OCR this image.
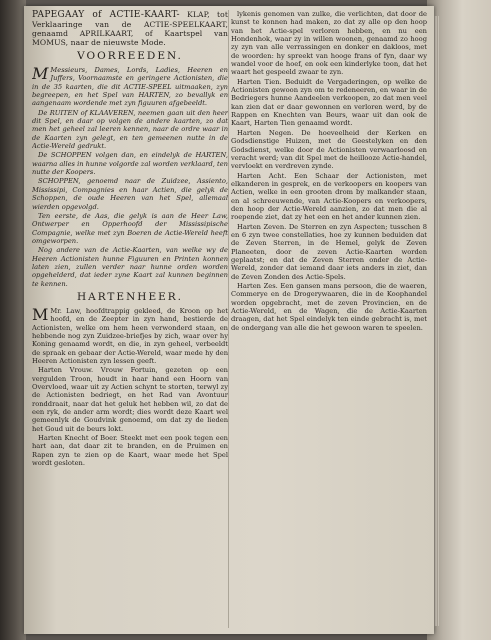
PAPEGAAY of ACTIE-KAART- KLAP, tot Verklaaringe van de ACTIE-SPEELKAART, genaamd APRILKAART, of Kaartspel van MOMUS, naar de nieuwste Mode.
VOORREEDEN.

M Messieurs, Dames, Lords, Ladies, Heeren en Juffers, Voornaamste en geringere Actionisten, die in de 35 kaarten, die dit ACTIE-SPEEL uitmaaken, zyn begreepen, en het Spel van HARTEN, zo bevallyk en aangenaam wordende met zyn figuuren afgebeeldt.

De RUITEN of KLAAVEREN, neemen gaan uit den heer dit Spel, en daar op volgen de andere kaarten, zo dat men het geheel zal leeren kennen, naar de ordre waar in de Kaarten zyn gelegt, en ten gemeenen nutte in de Actie-Wereld gedrukt.

De SCHOPPEN volgen dan, en eindelyk de HARTEN, waarna alles in hunne volgorde zal worden verklaard, ten nutte der Koopers.

SCHOPPEN, genoemd naar de Zuidzee, Assiento, Mississipi, Compagnies en haar Actien, die gelyk de Schoppen, de oude Heeren van het Spel, allemaal wierden opgevolgd.

Ten eerste, de Aas, die gelyk is aan de Heer Law, Ontwerper en Opperhoofd der Mississipische Compagnie, welke met zyn Boeren de Actie-Wereld heeft omgeworpen.

Nog andere van de Actie-Kaarten, van welke wy de Heeren Actionisten hunne Figuuren en Printen konnen laten zien, zullen verder naar hunne orden worden opgehelderd, dat ieder zyne Kaart zal kunnen beginnen te kennen.

HARTENHEER.

M Mr. Law, hoofdtrappig gekleed, de Kroon op het hoofd, en de Zeepter in zyn hand, bestierde de Actionisten, welke om hem heen verwonderd staan, en hebbende nog zyn Zuidzee-briefjes by zich, waar over hy Koning genaamd wordt, en die, in zyn geheel, verbeeldt de spraak en gebaar der Actie-Wereld, waar mede hy den Heeren Actionisten zyn lessen geeft.

Harten Vrouw. Vrouw Fortuin, gezeten op een vergulden Troon, houdt in haar hand een Hoorn van Overvloed, waar uit zy Actien schynt te storten, terwyl zy de Actionisten bedriegt, en het Rad van Avontuur ronddraait, naar dat het geluk het hebben wil, zo dat de een ryk, de ander arm wordt; dies wordt deze Kaart wel gemeenlyk de Goudvink genoemd, om dat zy de lieden het Goud uit de beurs lokt.

Harten Knecht of Boer. Steekt met een pook tegen een hart aan, dat daar zit te branden, en de Pruimen en Rapen zyn te zien op de Kaart, waar mede het Spel wordt gesloten.

lykenis genomen van zulke, die verlichten, dat door de kunst te konnen had maken, zo dat zy alle op den hoop van het Actie-spel verloren hebben, en nu een Hondenhok, waar zy in willen woonen, genaamd zo hoog zy zyn van alle verrassingen en donker en dakloos, met de woorden: hy spreekt van hooge frans of fyn, daar wy wandel voor de hoef, en ook een kinderlyke toon, dat het waart het gespeeld zwaar te zyn.

Harten Tien. Beduidt de Vergaderingen, op welke de Actionisten gewoon zyn om te redeneeren, en waar in de Bedriegers hunne Aandeelen verkoopen, zo dat men veel kan zien dat er daar gewonnen en verloren werd, by de Rappen en Knechten van Beurs, waar uit dan ook de Kaart, Harten Tien genaamd wordt.

Harten Negen. De hoeveelheid der Kerken en Godsdienstige Huizen, met de Geestelyken en den Godsdienst, welke door de Actionisten verwaarloosd en veracht werd; van dit Spel met de heillooze Actie-handel, vervloekt en verdreven zynde.

Harten Acht. Een Schaar der Actionisten, met elkanderen in gesprek, en de verkoopers en koopers van Actien, welke in een grooten drom by malkander staan, en al schreeuwende, van Actie-Koopers en verkoopers, den hoop der Actie-Wereld aanzien, zo dat men die al roepende ziet, dat zy het een en het ander kunnen zien.

Harten Zeven. De Sterren en zyn Aspecten; tusschen 8 en 6 zyn twee constellaties, hoe zy kunnen beduiden dat de Zeven Sterren, in de Hemel, gelyk de Zeven Planeeten, door de zeven Actie-Kaarten worden geplaatst; en dat de Zeven Sterren onder de Actie-Wereld, zonder dat iemand daar iets anders in ziet, dan de Zeven Zonden des Actie-Spels.

Harten Zes. Een gansen mans persoon, die de waeren, Commerye en de Drogerywaaren, die in de Koophandel worden opgebracht, met de zeven Provincien, en de Actie-Wereld, en de Wagen, die de Actie-Kaarten draagen, dat het Spel eindelyk ten einde gebracht is, met de ondergang van alle die het gewoon waren te speelen.
